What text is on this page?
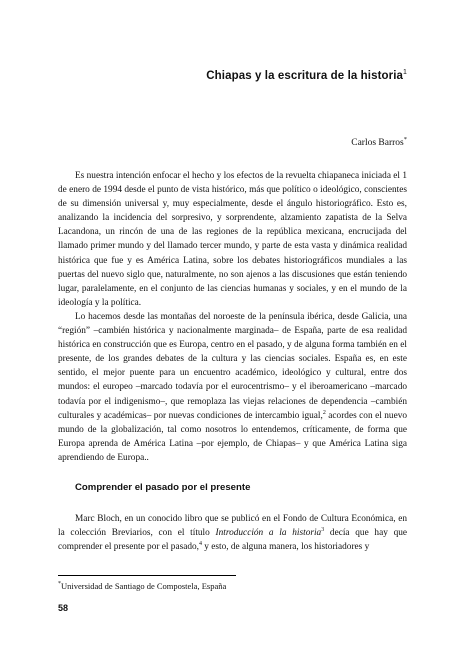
Chiapas y la escritura de la historia$^1$
Carlos Barros*

Es nuestra intención enfocar el hecho y los efectos de la revuelta chiapaneca iniciada el 1 de enero de 1994 desde el punto de vista histórico, más que político o ideológico, conscientes de su dimensión universal y, muy especialmente, desde el ángulo historiográfico. Esto es, analizando la incidencia del sorpresivo, y sorprendente, alzamiento zapatista de la Selva Lacandona, un rincón de una de las regiones de la república mexicana, encrucijada del llamado primer mundo y del llamado tercer mundo, y parte de esta vasta y dinámica realidad histórica que fue y es América Latina, sobre los debates historiográficos mundiales a las puertas del nuevo siglo que, naturalmente, no son ajenos a las discusiones que están teniendo lugar, paralelamente, en el conjunto de las ciencias humanas y sociales, y en el mundo de la ideología y la política.

Lo hacemos desde las montañas del noroeste de la península ibérica, desde Galicia, una “región” –cambién histórica y nacionalmente marginada– de España, parte de esa realidad histórica en construcción que es Europa, centro en el pasado, y de alguna forma también en el presente, de los grandes debates de la cultura y las ciencias sociales. España es, en este sentido, el mejor puente para un encuentro académico, ideológico y cultural, entre dos mundos: el europeo –marcado todavía por el eurocentrismo– y el iberoamericano –marcado todavía por el indigenismo–, que remoplaza las viejas relaciones de dependencia –cambién culturales y académicas– por nuevas condiciones de intercambio igual,$^2$ acordes con el nuevo mundo de la globalización, tal como nosotros lo entendemos, críticamente, de forma que Europa aprenda de América Latina –por ejemplo, de Chiapas– y que América Latina siga aprendiendo de Europa..

Comprender el pasado por el presente

Marc Bloch, en un conocido libro que se publicó en el Fondo de Cultura Económica, en la colección Breviarios, con el título Introducción a la historia$^3$ decía que hay que comprender el presente por el pasado,$^4$ y esto, de alguna manera, los historiadores y

*Universidad de Santiago de Compostela, España
58
